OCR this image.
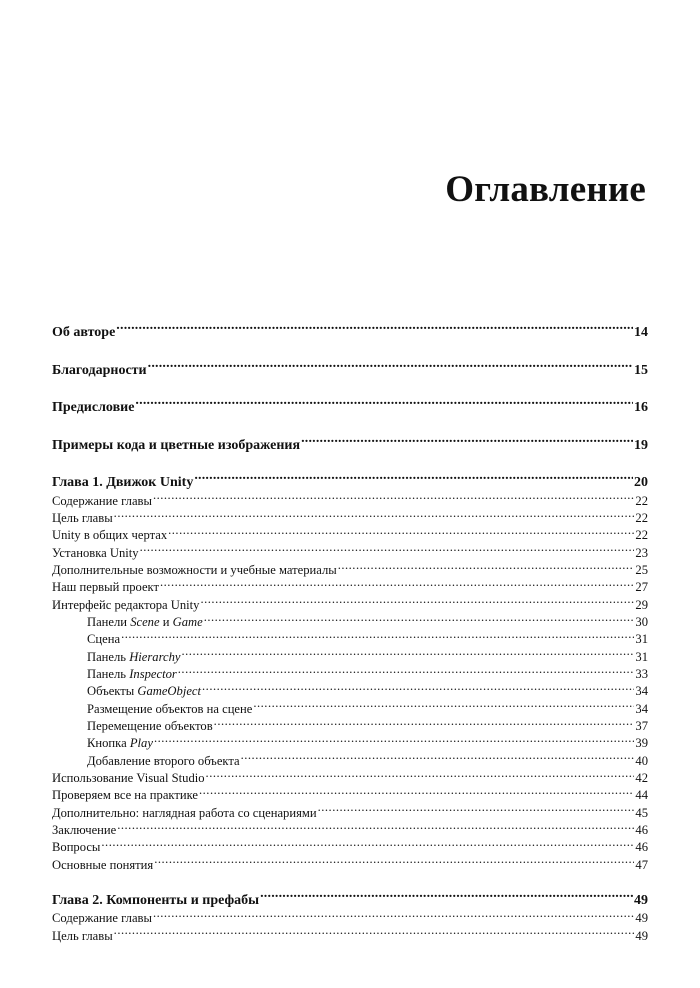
Оглавление
Об авторе .....	14
Благодарности .....	15
Предисловие .....	16
Примеры кода и цветные изображения .....	19
Глава 1. Движок Unity .....	20
Содержание главы .....	22
Цель главы .....	22
Unity в общих чертах .....	22
Установка Unity .....	23
Дополнительные возможности и учебные материалы .....	25
Наш первый проект .....	27
Интерфейс редактора Unity .....	29
Панели Scene и Game .....	30
Сцена .....	31
Панель Hierarchy .....	31
Панель Inspector .....	33
Объекты GameObject .....	34
Размещение объектов на сцене .....	34
Перемещение объектов .....	37
Кнопка Play .....	39
Добавление второго объекта .....	40
Использование Visual Studio .....	42
Проверяем все на практике .....	44
Дополнительно: наглядная работа со сценариями .....	45
Заключение .....	46
Вопросы .....	46
Основные понятия .....	47
Глава 2. Компоненты и префабы .....	49
Содержание главы .....	49
Цель главы .....	49
